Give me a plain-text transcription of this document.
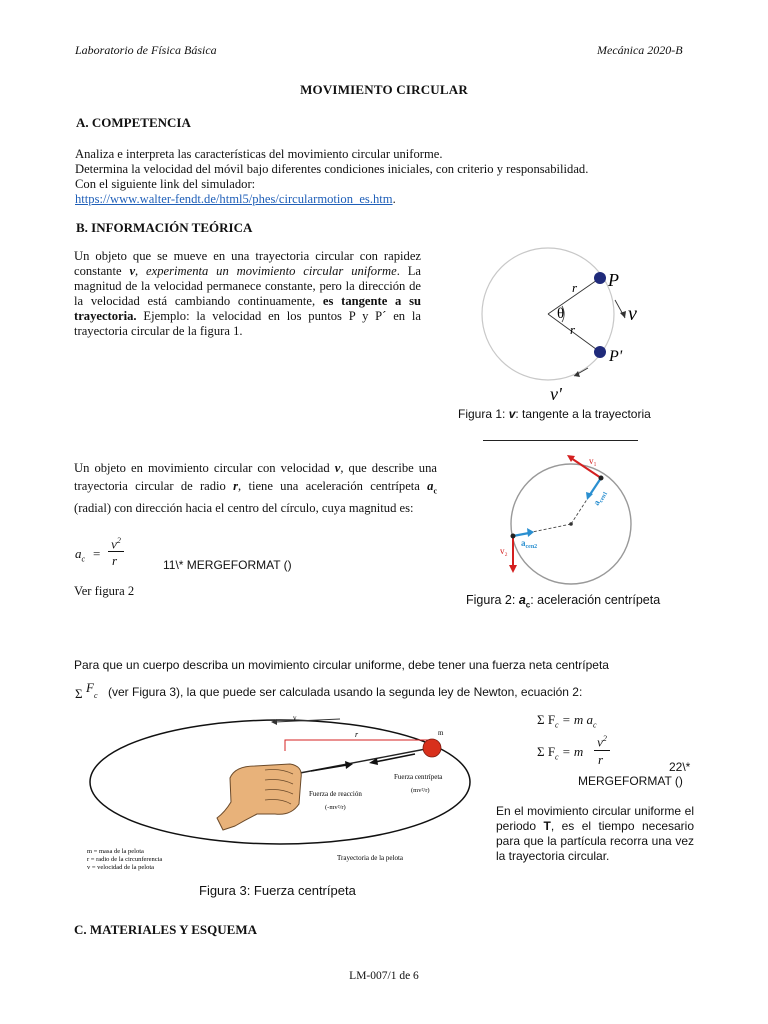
Laboratorio de Física Básica	Mecánica 2020-B
MOVIMIENTO CIRCULAR
A. COMPETENCIA
Analiza e interpreta las características del movimiento circular uniforme.
Determina la velocidad del móvil bajo diferentes condiciones iniciales, con criterio y responsabilidad.
Con el siguiente link del simulador:
https://www.walter-fendt.de/html5/phes/circularmotion_es.htm.
B. INFORMACIÓN TEÓRICA
Un objeto que se mueve en una trayectoria circular con rapidez constante v, experimenta un movimiento circular uniforme. La magnitud de la velocidad permanece constante, pero la dirección de la velocidad está cambiando continuamente, es tangente a su trayectoria. Ejemplo: la velocidad en los puntos P y P´ en la trayectoria circular de la figura 1.
P
P'
r
r
θ	v
v'
Figura 1: v: tangente a la trayectoria
Un objeto en movimiento circular con velocidad v, que describe una trayectoria circular de radio r, tiene una aceleración centrípeta $a_c$ (radial) con dirección hacia el centro del círculo, cuya magnitud es:
$a_c$ =
$v^2$
r	11\* MERGEFORMAT ()
Ver figura 2
v₁
v₂
$a_{cen1}$
$a_{cen2}$
Figura 2: $a_c$: aceleración centrípeta
Para que un cuerpo describa un movimiento circular uniforme, debe tener una fuerza neta centrípeta
Σ F
c (ver Figura 3), la que puede ser calculada usando la segunda ley de Newton, ecuación 2:
v
m
r
Fuerza centrípeta
(mv²/r)
Fuerza de reacción
(-mv²/r)
m = masa de la pelota
r = radio de la circunferencia
v = velocidad de la pelota
Trayectoria de la pelota
Figura 3: Fuerza centrípeta
Σ $F_c = m$ $a_c$
Σ $F_c = m$
$v^2$
r	22\*
MERGEFORMAT ()
En el movimiento circular uniforme el periodo T, es el tiempo necesario para que la partícula recorra una vez la trayectoria circular.
C. MATERIALES Y ESQUEMA
LM-007/1 de 6
